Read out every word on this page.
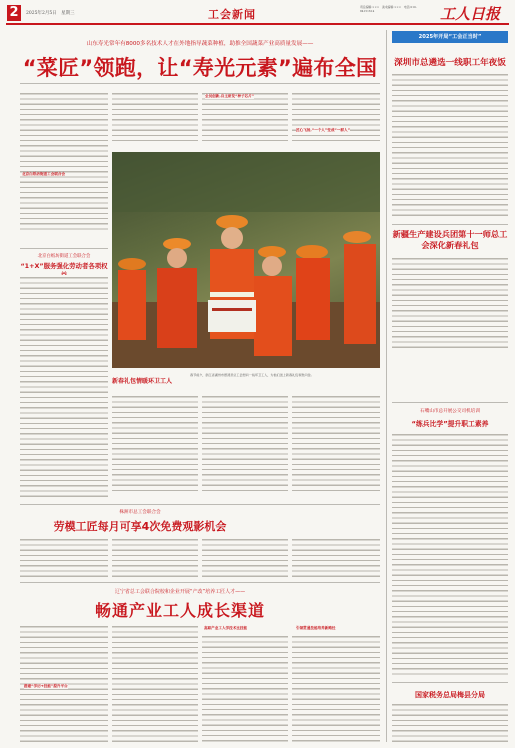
2	2025年2月5日　星期三	工会新闻
责任编辑:×××　美术编辑:×××　电话:010-84151614	工人日报
山东寿光常年有8000多名技术人才在外地指导蔬菜种植，助推全国蔬菜产业高质量发展——
“菜匠”领跑，让“寿光元素”遍布全国
北京白纸坊街道工会联合会
全员创新,自主研发“种子芯片”
匠心飞扬,“一个人”变成“一群人”
北京白纸坊街道工会联合会
“1+X”服务强化劳动者各项权
新春礼包情暖环卫工人
春节前夕，浙江省湖州市德清县总工会慰问一线环卫工人，为他们送上新春礼包和慰问金。
株洲市总工会联合会
劳模工匠每月可享4次免费观影机会
辽宁省总工会联合院校和企业开展“产改”培养工匠人才——
畅通产业工人成长渠道
搭建“学历+技能”提升平台
高职产业工人学技术比技能	引领贯通技能培养新路径
2025年开局“工会正当时”
深圳市总遴选一线职工年夜饭
新疆生产建设兵团第十一师总工会深化新春礼包
石嘴山市总开展公交司机培训
“练兵比学”提升职工素养
国家税务总局梅县分局
